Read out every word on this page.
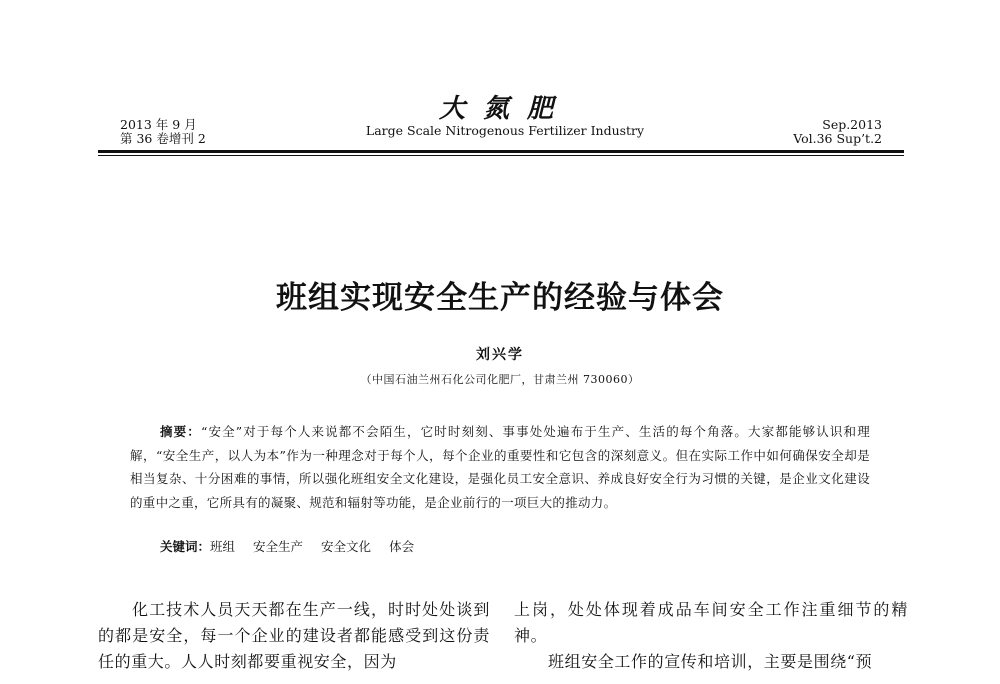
2013 年 9 月
第 36 卷增刊 2
大氮肥
Large Scale Nitrogenous Fertilizer Industry	Sep.2013
Vol.36 Sup’t.2
班组实现安全生产的经验与体会
刘兴学
（中国石油兰州石化公司化肥厂，甘肃兰州 730060）
摘要：“安全”对于每个人来说都不会陌生，它时时刻刻、事事处处遍布于生产、生活的每个角落。大家都能够认识和理解，“安全生产，以人为本”作为一种理念对于每个人，每个企业的重要性和它包含的深刻意义。但在实际工作中如何确保安全却是相当复杂、十分困难的事情，所以强化班组安全文化建设，是强化员工安全意识、养成良好安全行为习惯的关键，是企业文化建设的重中之重，它所具有的凝聚、规范和辐射等功能，是企业前行的一项巨大的推动力。
关键词：班组 安全生产 安全文化 体会

化工技术人员天天都在生产一线，时时处处谈到的都是安全，每一个企业的建设者都能感受到这份责任的重大。人人时刻都要重视安全，因为

上岗，处处体现着成品车间安全工作注重细节的精神。

班组安全工作的宣传和培训，主要是围绕“预
